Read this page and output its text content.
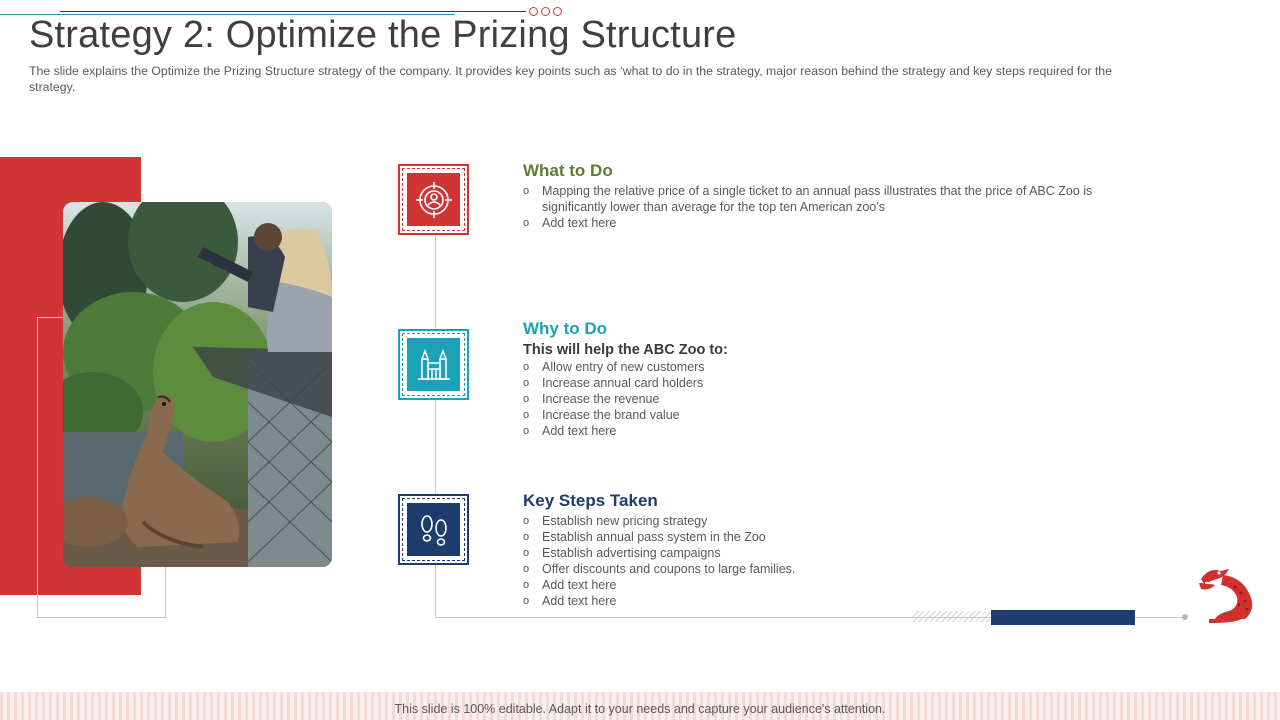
Strategy 2: Optimize the Prizing Structure

The slide explains the Optimize the Prizing Structure strategy of the company. It provides key points such as ‘what to do in the strategy, major reason behind the strategy and key steps required for the strategy.

What to Do
o Mapping the relative price of a single ticket to an annual pass illustrates that the price of ABC Zoo is significantly lower than average for the top ten American zoo’s
o Add text here
Why to Do

This will help the ABC Zoo to:

o Allow entry of new customers
o Increase annual card holders
o Increase the revenue
o Increase the brand value
o Add text here
Key Steps Taken
o Establish new pricing strategy
o Establish annual pass system in the Zoo
o Establish advertising campaigns
o Offer discounts and coupons to large families.
o Add text here
o Add text here
This slide is 100% editable. Adapt it to your needs and capture your audience's attention.
